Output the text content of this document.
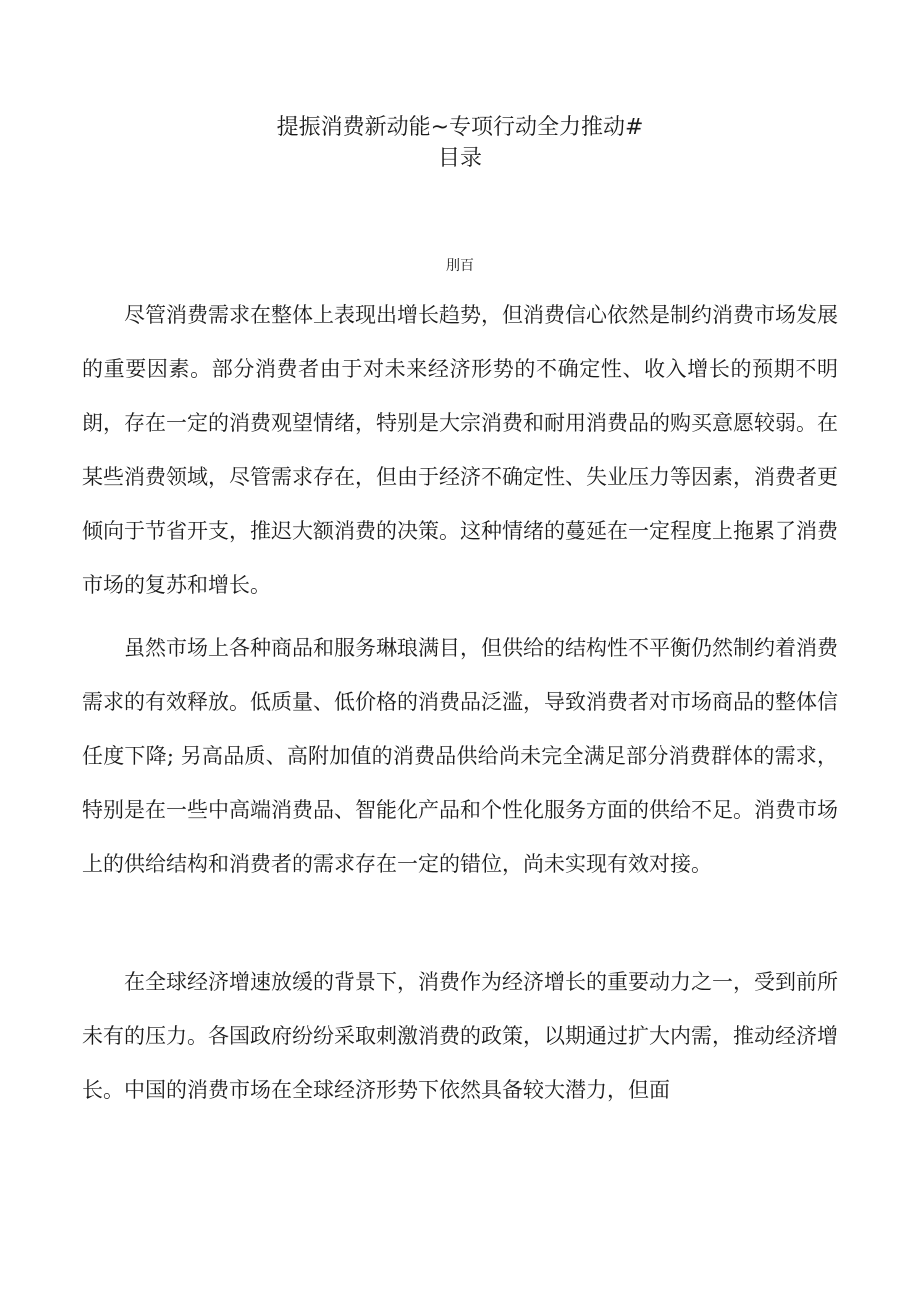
提振消费新动能~专项行动全力推动#
目录
刖百

尽管消费需求在整体上表现出增长趋势，但消费信心依然是制约消费市场发展的重要因素。部分消费者由于对未来经济形势的不确定性、收入增长的预期不明朗，存在一定的消费观望情绪，特别是大宗消费和耐用消费品的购买意愿较弱。在某些消费领域，尽管需求存在，但由于经济不确定性、失业压力等因素，消费者更倾向于节省开支，推迟大额消费的决策。这种情绪的蔓延在一定程度上拖累了消费市场的复苏和增长。

虽然市场上各种商品和服务琳琅满目，但供给的结构性不平衡仍然制约着消费需求的有效释放。低质量、低价格的消费品泛滥，导致消费者对市场商品的整体信任度下降; 另高品质、高附加值的消费品供给尚未完全满足部分消费群体的需求，特别是在一些中高端消费品、智能化产品和个性化服务方面的供给不足。消费市场上的供给结构和消费者的需求存在一定的错位，尚未实现有效对接。

在全球经济增速放缓的背景下，消费作为经济增长的重要动力之一，受到前所未有的压力。各国政府纷纷采取刺激消费的政策，以期通过扩大内需，推动经济增长。中国的消费市场在全球经济形势下依然具备较大潜力，但面
